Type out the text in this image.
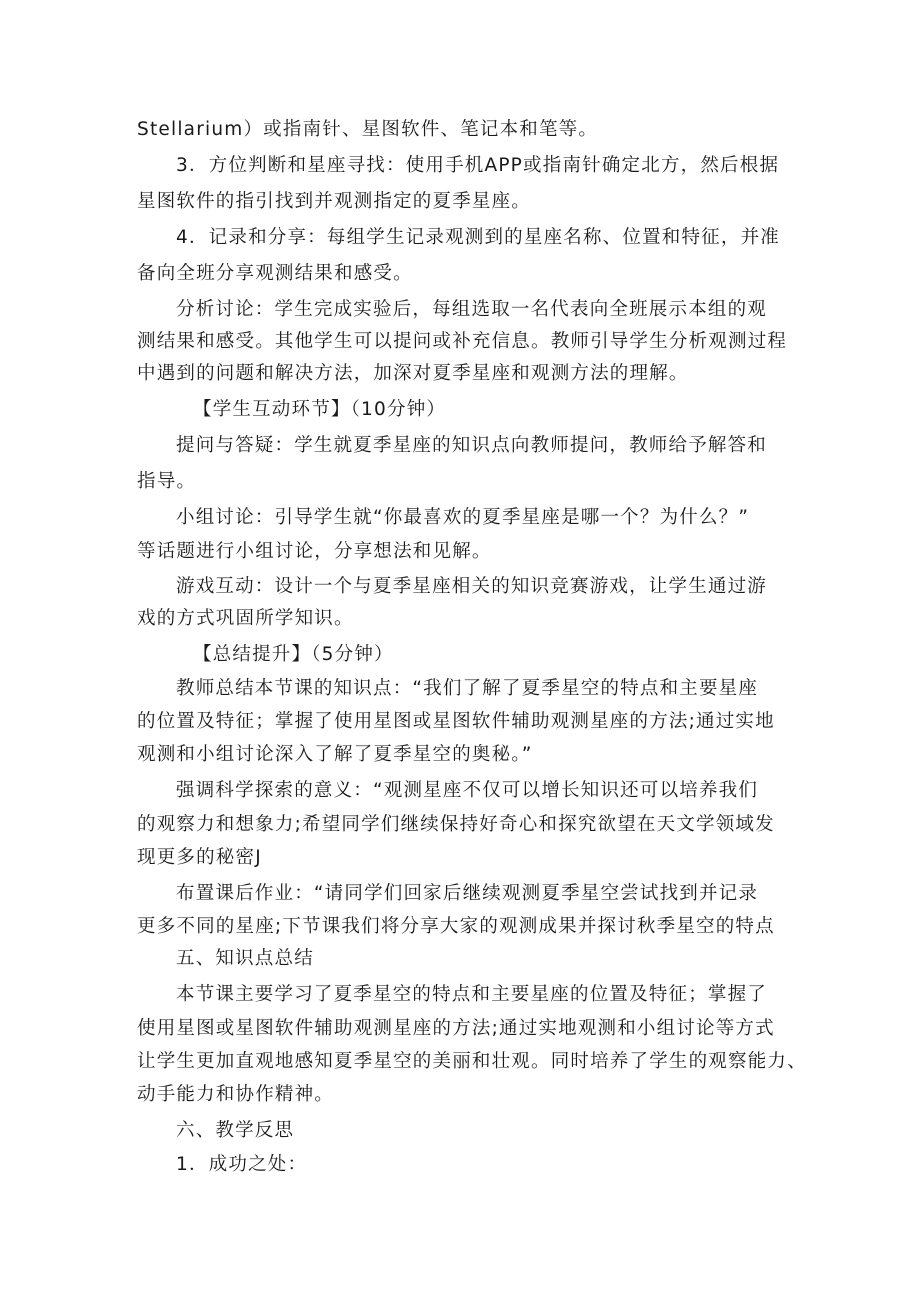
Stellarium）或指南针、星图软件、笔记本和笔等。
3．方位判断和星座寻找：使用手机APP或指南针确定北方，然后根据
星图软件的指引找到并观测指定的夏季星座。
4．记录和分享：每组学生记录观测到的星座名称、位置和特征，并准
备向全班分享观测结果和感受。
分析讨论：学生完成实验后，每组选取一名代表向全班展示本组的观
测结果和感受。其他学生可以提问或补充信息。教师引导学生分析观测过程
中遇到的问题和解决方法，加深对夏季星座和观测方法的理解。
【学生互动环节】（10分钟）
提问与答疑：学生就夏季星座的知识点向教师提问，教师给予解答和
指导。
小组讨论：引导学生就“你最喜欢的夏季星座是哪一个？为什么？”
等话题进行小组讨论，分享想法和见解。
游戏互动：设计一个与夏季星座相关的知识竞赛游戏，让学生通过游
戏的方式巩固所学知识。
【总结提升】（5分钟）
教师总结本节课的知识点：“我们了解了夏季星空的特点和主要星座
的位置及特征；掌握了使用星图或星图软件辅助观测星座的方法;通过实地
观测和小组讨论深入了解了夏季星空的奥秘。”
强调科学探索的意义：“观测星座不仅可以增长知识还可以培养我们
的观察力和想象力;希望同学们继续保持好奇心和探究欲望在天文学领域发
现更多的秘密J
布置课后作业：“请同学们回家后继续观测夏季星空尝试找到并记录
更多不同的星座;下节课我们将分享大家的观测成果并探讨秋季星空的特点
五、知识点总结
本节课主要学习了夏季星空的特点和主要星座的位置及特征；掌握了
使用星图或星图软件辅助观测星座的方法;通过实地观测和小组讨论等方式
让学生更加直观地感知夏季星空的美丽和壮观。同时培养了学生的观察能力、
动手能力和协作精神。
六、教学反思
1．成功之处：
